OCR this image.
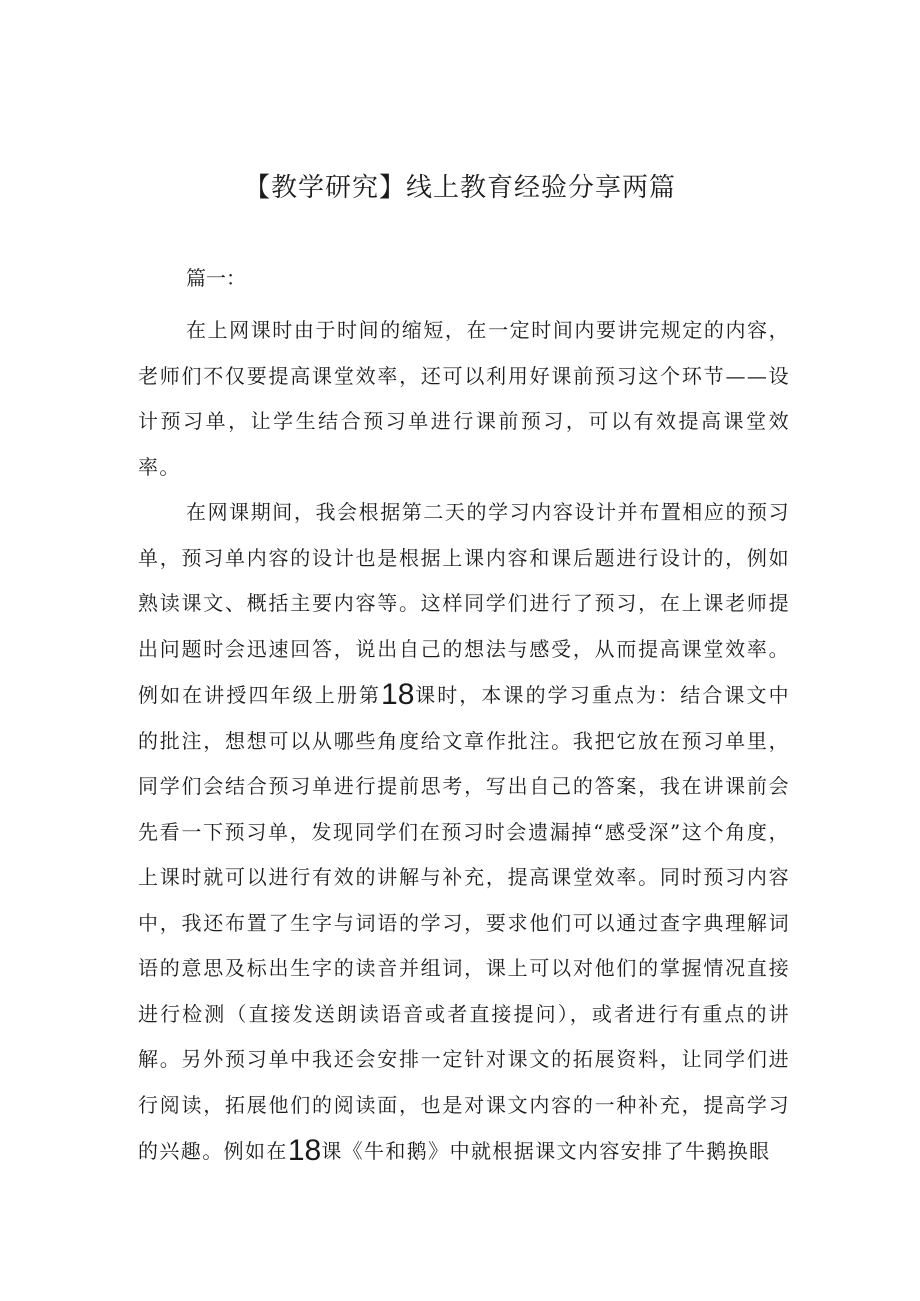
【教学研究】线上教育经验分享两篇

篇一：

在上网课时由于时间的缩短，在一定时间内要讲完规定的内容，老师们不仅要提高课堂效率，还可以利用好课前预习这个环节——设计预习单，让学生结合预习单进行课前预习，可以有效提高课堂效率。

在网课期间，我会根据第二天的学习内容设计并布置相应的预习单，预习单内容的设计也是根据上课内容和课后题进行设计的，例如熟读课文、概括主要内容等。这样同学们进行了预习，在上课老师提出问题时会迅速回答，说出自己的想法与感受，从而提高课堂效率。例如在讲授四年级上册第18课时，本课的学习重点为：结合课文中的批注，想想可以从哪些角度给文章作批注。我把它放在预习单里，同学们会结合预习单进行提前思考，写出自己的答案，我在讲课前会先看一下预习单，发现同学们在预习时会遗漏掉“感受深”这个角度，上课时就可以进行有效的讲解与补充，提高课堂效率。同时预习内容中，我还布置了生字与词语的学习，要求他们可以通过查字典理解词语的意思及标出生字的读音并组词，课上可以对他们的掌握情况直接进行检测（直接发送朗读语音或者直接提问），或者进行有重点的讲解。另外预习单中我还会安排一定针对课文的拓展资料，让同学们进行阅读，拓展他们的阅读面，也是对课文内容的一种补充，提高学习的兴趣。例如在18课《牛和鹅》中就根据课文内容安排了牛鹅换眼
